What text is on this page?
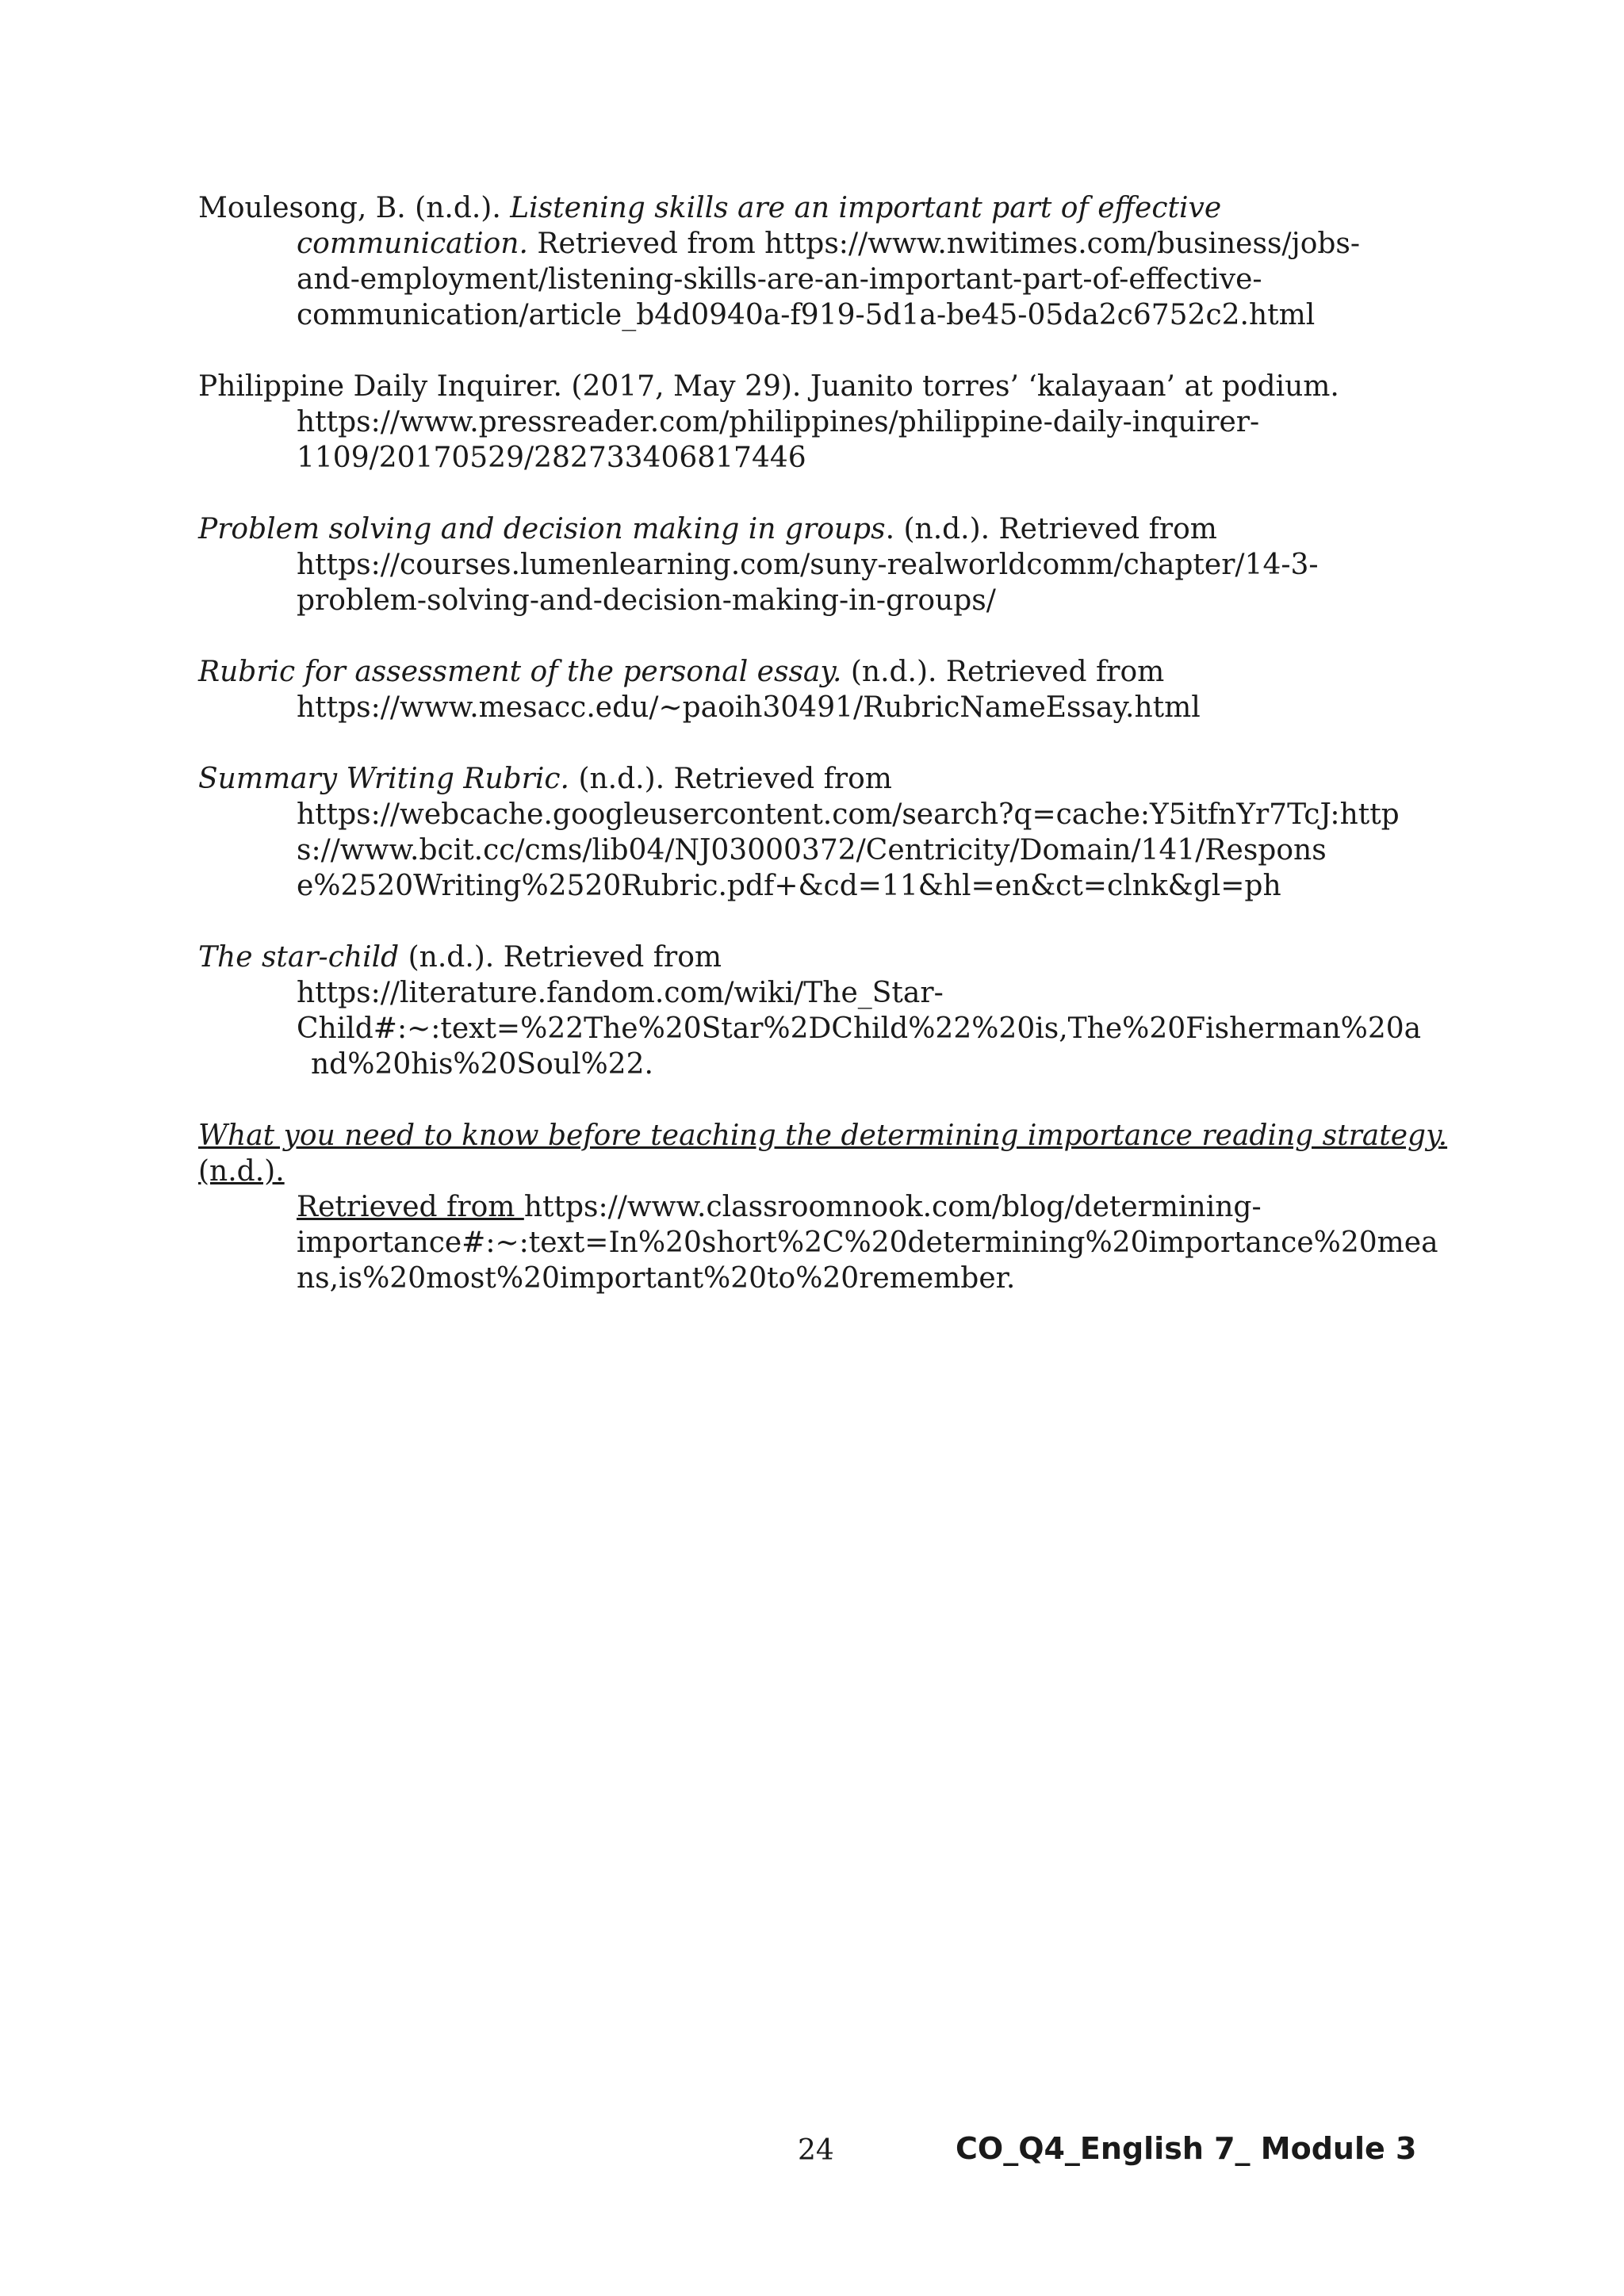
Moulesong, B. (n.d.). Listening skills are an important part of effective
communication. Retrieved from https://www.nwitimes.com/business/jobs-
and-employment/listening-skills-are-an-important-part-of-effective-
communication/article_b4d0940a-f919-5d1a-be45-05da2c6752c2.html
Philippine Daily Inquirer. (2017, May 29). Juanito torres’ ‘kalayaan’ at podium.
https://www.pressreader.com/philippines/philippine-daily-inquirer-
1109/20170529/282733406817446
Problem solving and decision making in groups. (n.d.). Retrieved from
https://courses.lumenlearning.com/suny-realworldcomm/chapter/14-3-
problem-solving-and-decision-making-in-groups/
Rubric for assessment of the personal essay. (n.d.). Retrieved from
https://www.mesacc.edu/~paoih30491/RubricNameEssay.html
Summary Writing Rubric. (n.d.). Retrieved from
https://webcache.googleusercontent.com/search?q=cache:Y5itfnYr7TcJ:http
s://www.bcit.cc/cms/lib04/NJ03000372/Centricity/Domain/141/Respons
e%2520Writing%2520Rubric.pdf+&cd=11&hl=en&ct=clnk&gl=ph
The star-child (n.d.). Retrieved from
https://literature.fandom.com/wiki/The_Star-
Child#:~:text=%22The%20Star%2DChild%22%20is,The%20Fisherman%20a
nd%20his%20Soul%22.
What you need to know before teaching the determining importance reading strategy.
(n.d.).
Retrieved from https://www.classroomnook.com/blog/determining-
importance#:~:text=In%20short%2C%20determining%20importance%20mea
ns,is%20most%20important%20to%20remember.
24	CO_Q4_English 7_ Module 3
